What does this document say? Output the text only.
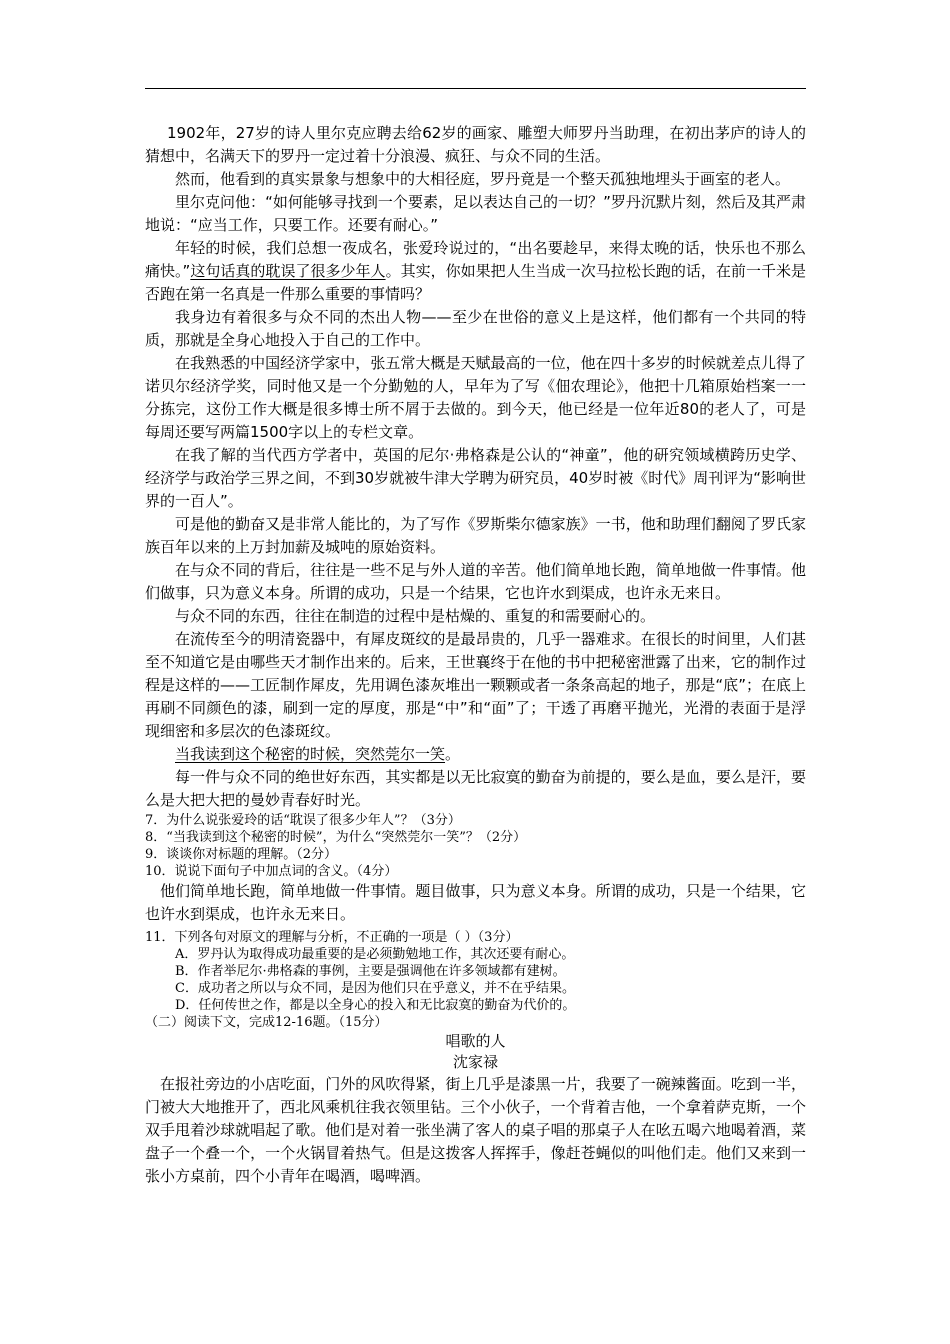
1902年，27岁的诗人里尔克应聘去给62岁的画家、雕塑大师罗丹当助理，在初出茅庐的诗人的猜想中，名满天下的罗丹一定过着十分浪漫、疯狂、与众不同的生活。

然而，他看到的真实景象与想象中的大相径庭，罗丹竟是一个整天孤独地埋头于画室的老人。

里尔克问他：“如何能够寻找到一个要素，足以表达自己的一切？”罗丹沉默片刻，然后及其严肃地说：“应当工作，只要工作。还要有耐心。”

年轻的时候，我们总想一夜成名，张爱玲说过的，“出名要趁早，来得太晚的话，快乐也不那么痛快。”这句话真的耽误了很多少年人。其实，你如果把人生当成一次马拉松长跑的话，在前一千米是否跑在第一名真是一件那么重要的事情吗？

我身边有着很多与众不同的杰出人物——至少在世俗的意义上是这样，他们都有一个共同的特质，那就是全身心地投入于自己的工作中。

在我熟悉的中国经济学家中，张五常大概是天赋最高的一位，他在四十多岁的时候就差点儿得了诺贝尔经济学奖，同时他又是一个分勤勉的人，早年为了写《佃农理论》，他把十几箱原始档案一一分拣完，这份工作大概是很多博士所不屑于去做的。到今天，他已经是一位年近80的老人了，可是每周还要写两篇1500字以上的专栏文章。

在我了解的当代西方学者中，英国的尼尔·弗格森是公认的“神童”，他的研究领域横跨历史学、经济学与政治学三界之间，不到30岁就被牛津大学聘为研究员，40岁时被《时代》周刊评为“影响世界的一百人”。

可是他的勤奋又是非常人能比的，为了写作《罗斯柴尔德家族》一书，他和助理们翻阅了罗氏家族百年以来的上万封加薪及城吨的原始资料。

在与众不同的背后，往往是一些不足与外人道的辛苦。他们简单地长跑，简单地做一件事情。他们做事，只为意义本身。所谓的成功，只是一个结果，它也许水到渠成，也许永无来日。

与众不同的东西，往往在制造的过程中是枯燥的、重复的和需要耐心的。

在流传至今的明清瓷器中，有犀皮斑纹的是最昂贵的，几乎一器难求。在很长的时间里，人们甚至不知道它是由哪些天才制作出来的。后来，王世襄终于在他的书中把秘密泄露了出来，它的制作过程是这样的——工匠制作犀皮，先用调色漆灰堆出一颗颗或者一条条高起的地子，那是“底”；在底上再刷不同颜色的漆，刷到一定的厚度，那是“中”和“面”了；干透了再磨平抛光，光滑的表面于是浮现细密和多层次的色漆斑纹。

当我读到这个秘密的时候，突然莞尔一笑。

每一件与众不同的绝世好东西，其实都是以无比寂寞的勤奋为前提的，要么是血，要么是汗，要么是大把大把的曼妙青春好时光。

7．为什么说张爱玲的话“耽误了很多少年人”？（3分）

8．“当我读到这个秘密的时候”，为什么“突然莞尔一笑”？（2分）

9．谈谈你对标题的理解。（2分）

10．说说下面句子中加点词的含义。（4分）

他们简单地长跑，简单地做一件事情。题目做事，只为意义本身。所谓的成功，只是一个结果，它也许水到渠成，也许永无来日。

11．下列各句对原文的理解与分析，不正确的一项是（ ）（3分）

A．罗丹认为取得成功最重要的是必须勤勉地工作，其次还要有耐心。

B．作者举尼尔·弗格森的事例，主要是强调他在许多领域都有建树。

C．成功者之所以与众不同，是因为他们只在乎意义，并不在乎结果。

D．任何传世之作，都是以全身心的投入和无比寂寞的勤奋为代价的。

（二）阅读下文，完成12-16题。（15分）

唱歌的人

沈家禄

在报社旁边的小店吃面，门外的风吹得紧，街上几乎是漆黑一片，我要了一碗辣酱面。吃到一半，门被大大地推开了，西北风乘机往我衣领里钻。三个小伙子，一个背着吉他，一个拿着萨克斯，一个双手甩着沙球就唱起了歌。他们是对着一张坐满了客人的桌子唱的那桌子人在吆五喝六地喝着酒，菜盘子一个叠一个，一个火锅冒着热气。但是这拨客人挥挥手，像赶苍蝇似的叫他们走。他们又来到一张小方桌前，四个小青年在喝酒，喝啤酒。
